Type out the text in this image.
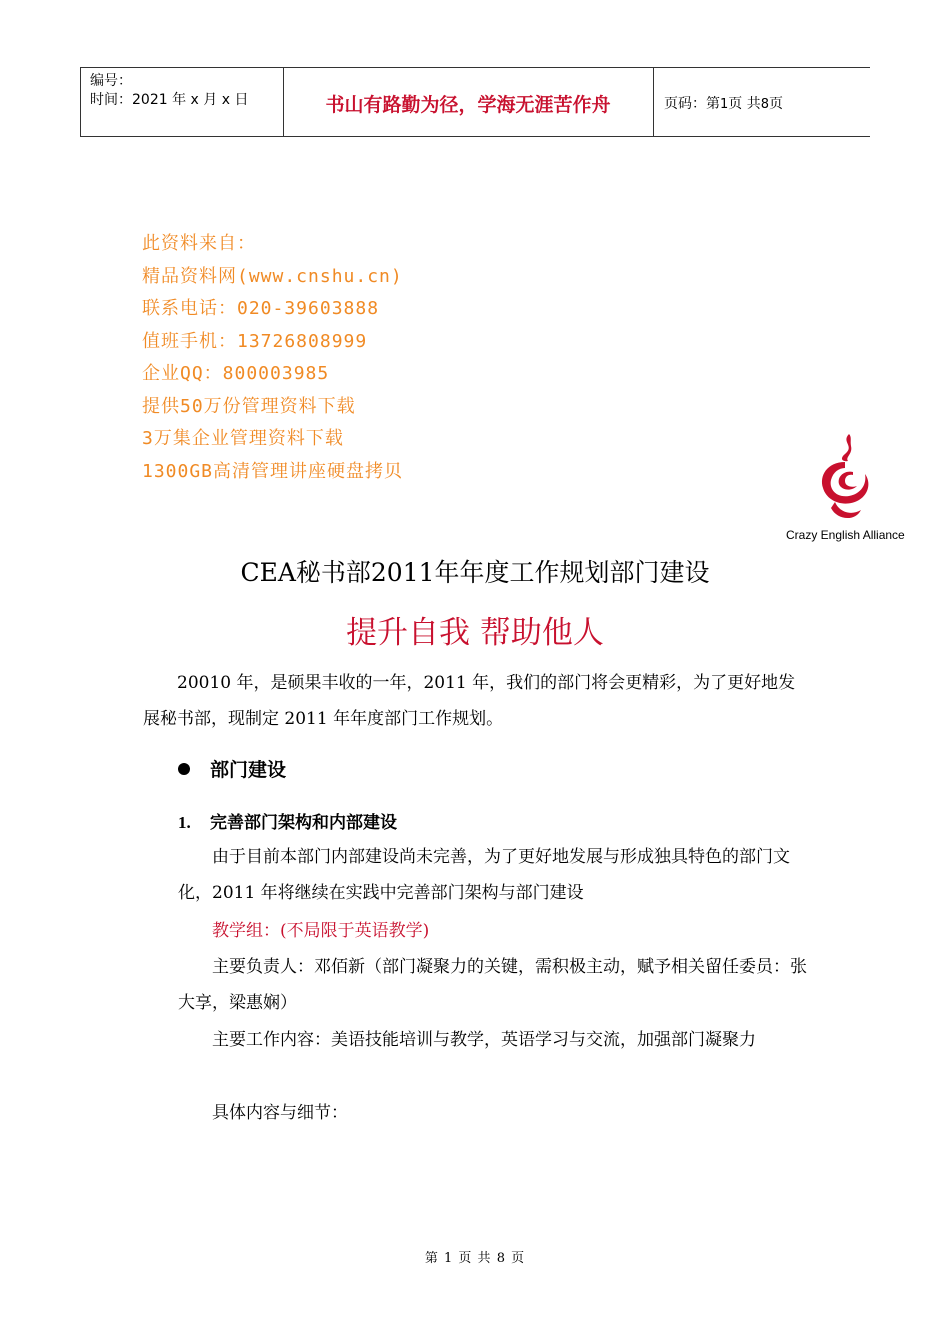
编号：
时间：2021 年 x 月 x 日	书山有路勤为径，学海无涯苦作舟	页码：第1页 共8页
此资料来自：
精品资料网(www.cnshu.cn)
联系电话：020-39603888
值班手机：13726808999
企业QQ：800003985
提供50万份管理资料下载
3万集企业管理资料下载
1300GB高清管理讲座硬盘拷贝
Crazy English Alliance
CEA秘书部2011年年度工作规划部门建设
提升自我 帮助他人
20010 年，是硕果丰收的一年，2011 年，我们的部门将会更精彩，为了更好地发展秘书部，现制定 2011 年年度部门工作规划。
部门建设
1. 完善部门架构和内部建设
由于目前本部门内部建设尚未完善，为了更好地发展与形成独具特色的部门文化，2011 年将继续在实践中完善部门架构与部门建设
教学组：(不局限于英语教学)
主要负责人：邓佰新（部门凝聚力的关键，需积极主动，赋予相关留任委员：张大享，梁惠娴）
主要工作内容：美语技能培训与教学，英语学习与交流，加强部门凝聚力
具体内容与细节：
第 1 页 共 8 页
